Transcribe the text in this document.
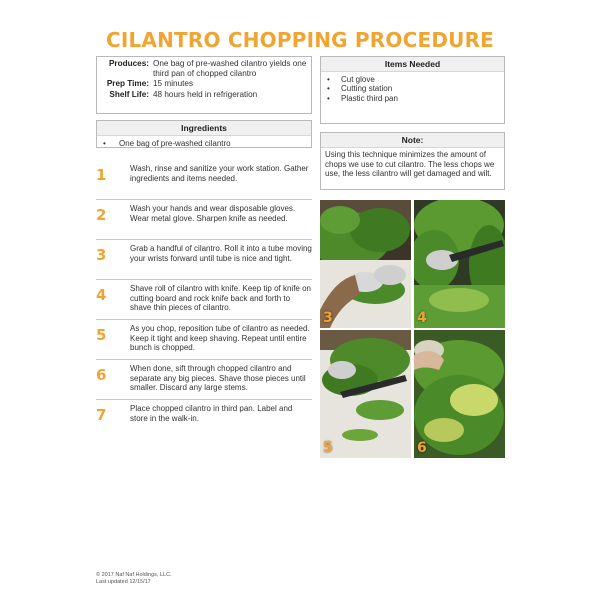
CILANTRO CHOPPING PROCEDURE
Produces: One bag of pre-washed cilantro yields one third pan of chopped cilantro
Prep Time: 15 minutes
Shelf Life: 48 hours held in refrigeration
Items Needed
• Cut glove
• Cutting station
• Plastic third pan
Ingredients
• One bag of pre-washed cilantro	Note:
Using this technique minimizes the amount of chops we use to cut cilantro. The less chops we use, the less cilantro will get damaged and wilt.
1	Wash, rinse and sanitize your work station. Gather ingredients and items needed.
2	Wash your hands and wear disposable gloves. Wear metal glove. Sharpen knife as needed.
3	Grab a handful of cilantro. Roll it into a tube moving your wrists forward until tube is nice and tight.
4	Shave roll of cilantro with knife. Keep tip of knife on cutting board and rock knife back and forth to shave thin pieces of cilantro.
5	As you chop, reposition tube of cilantro as needed. Keep it tight and keep shaving. Repeat until entire bunch is chopped.
6	When done, sift through chopped cilantro and separate any big pieces. Shave those pieces until smaller. Discard any large stems.
7	Place chopped cilantro in third pan. Label and store in the walk-in.
3	4
5	6
© 2017 Naf Naf Holdings, LLC.
Last updated 12/15/17
